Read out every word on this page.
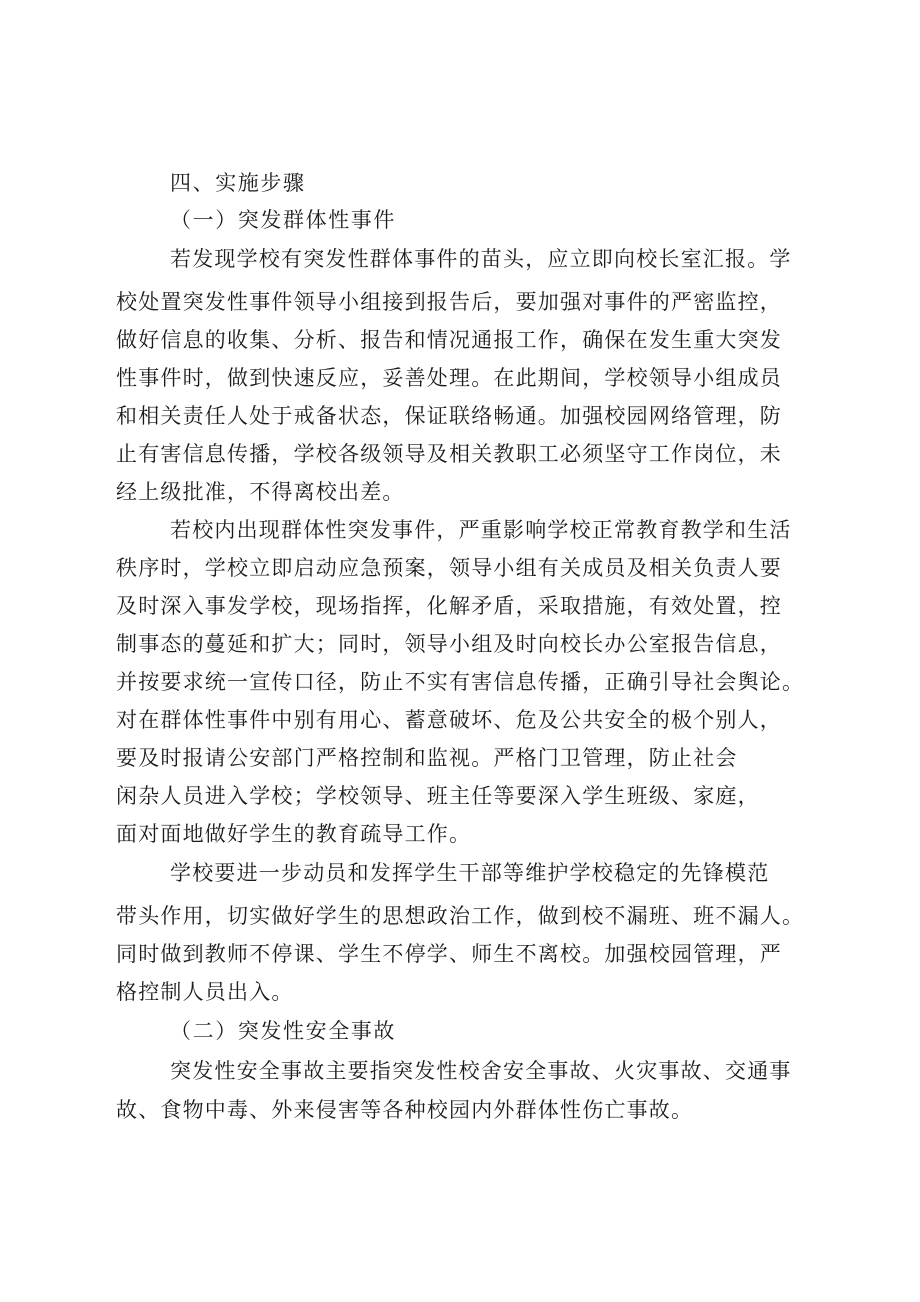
四、实施步骤

（一）突发群体性事件

若发现学校有突发性群体事件的苗头，应立即向校长室汇报。学

校处置突发性事件领导小组接到报告后，要加强对事件的严密监控，

做好信息的收集、分析、报告和情况通报工作，确保在发生重大突发

性事件时，做到快速反应，妥善处理。在此期间，学校领导小组成员

和相关责任人处于戒备状态，保证联络畅通。加强校园网络管理，防

止有害信息传播，学校各级领导及相关教职工必须坚守工作岗位，未

经上级批准，不得离校出差。

若校内出现群体性突发事件，严重影响学校正常教育教学和生活

秩序时，学校立即启动应急预案，领导小组有关成员及相关负责人要

及时深入事发学校，现场指挥，化解矛盾，采取措施，有效处置，控

制事态的蔓延和扩大；同时，领导小组及时向校长办公室报告信息，

并按要求统一宣传口径，防止不实有害信息传播，正确引导社会舆论。

对在群体性事件中别有用心、蓄意破坏、危及公共安全的极个别人，

要及时报请公安部门严格控制和监视。严格门卫管理，防止社会

闲杂人员进入学校；学校领导、班主任等要深入学生班级、家庭，

面对面地做好学生的教育疏导工作。

学校要进一步动员和发挥学生干部等维护学校稳定的先锋模范

带头作用，切实做好学生的思想政治工作，做到校不漏班、班不漏人。

同时做到教师不停课、学生不停学、师生不离校。加强校园管理，严

格控制人员出入。

（二）突发性安全事故

突发性安全事故主要指突发性校舍安全事故、火灾事故、交通事

故、食物中毒、外来侵害等各种校园内外群体性伤亡事故。
